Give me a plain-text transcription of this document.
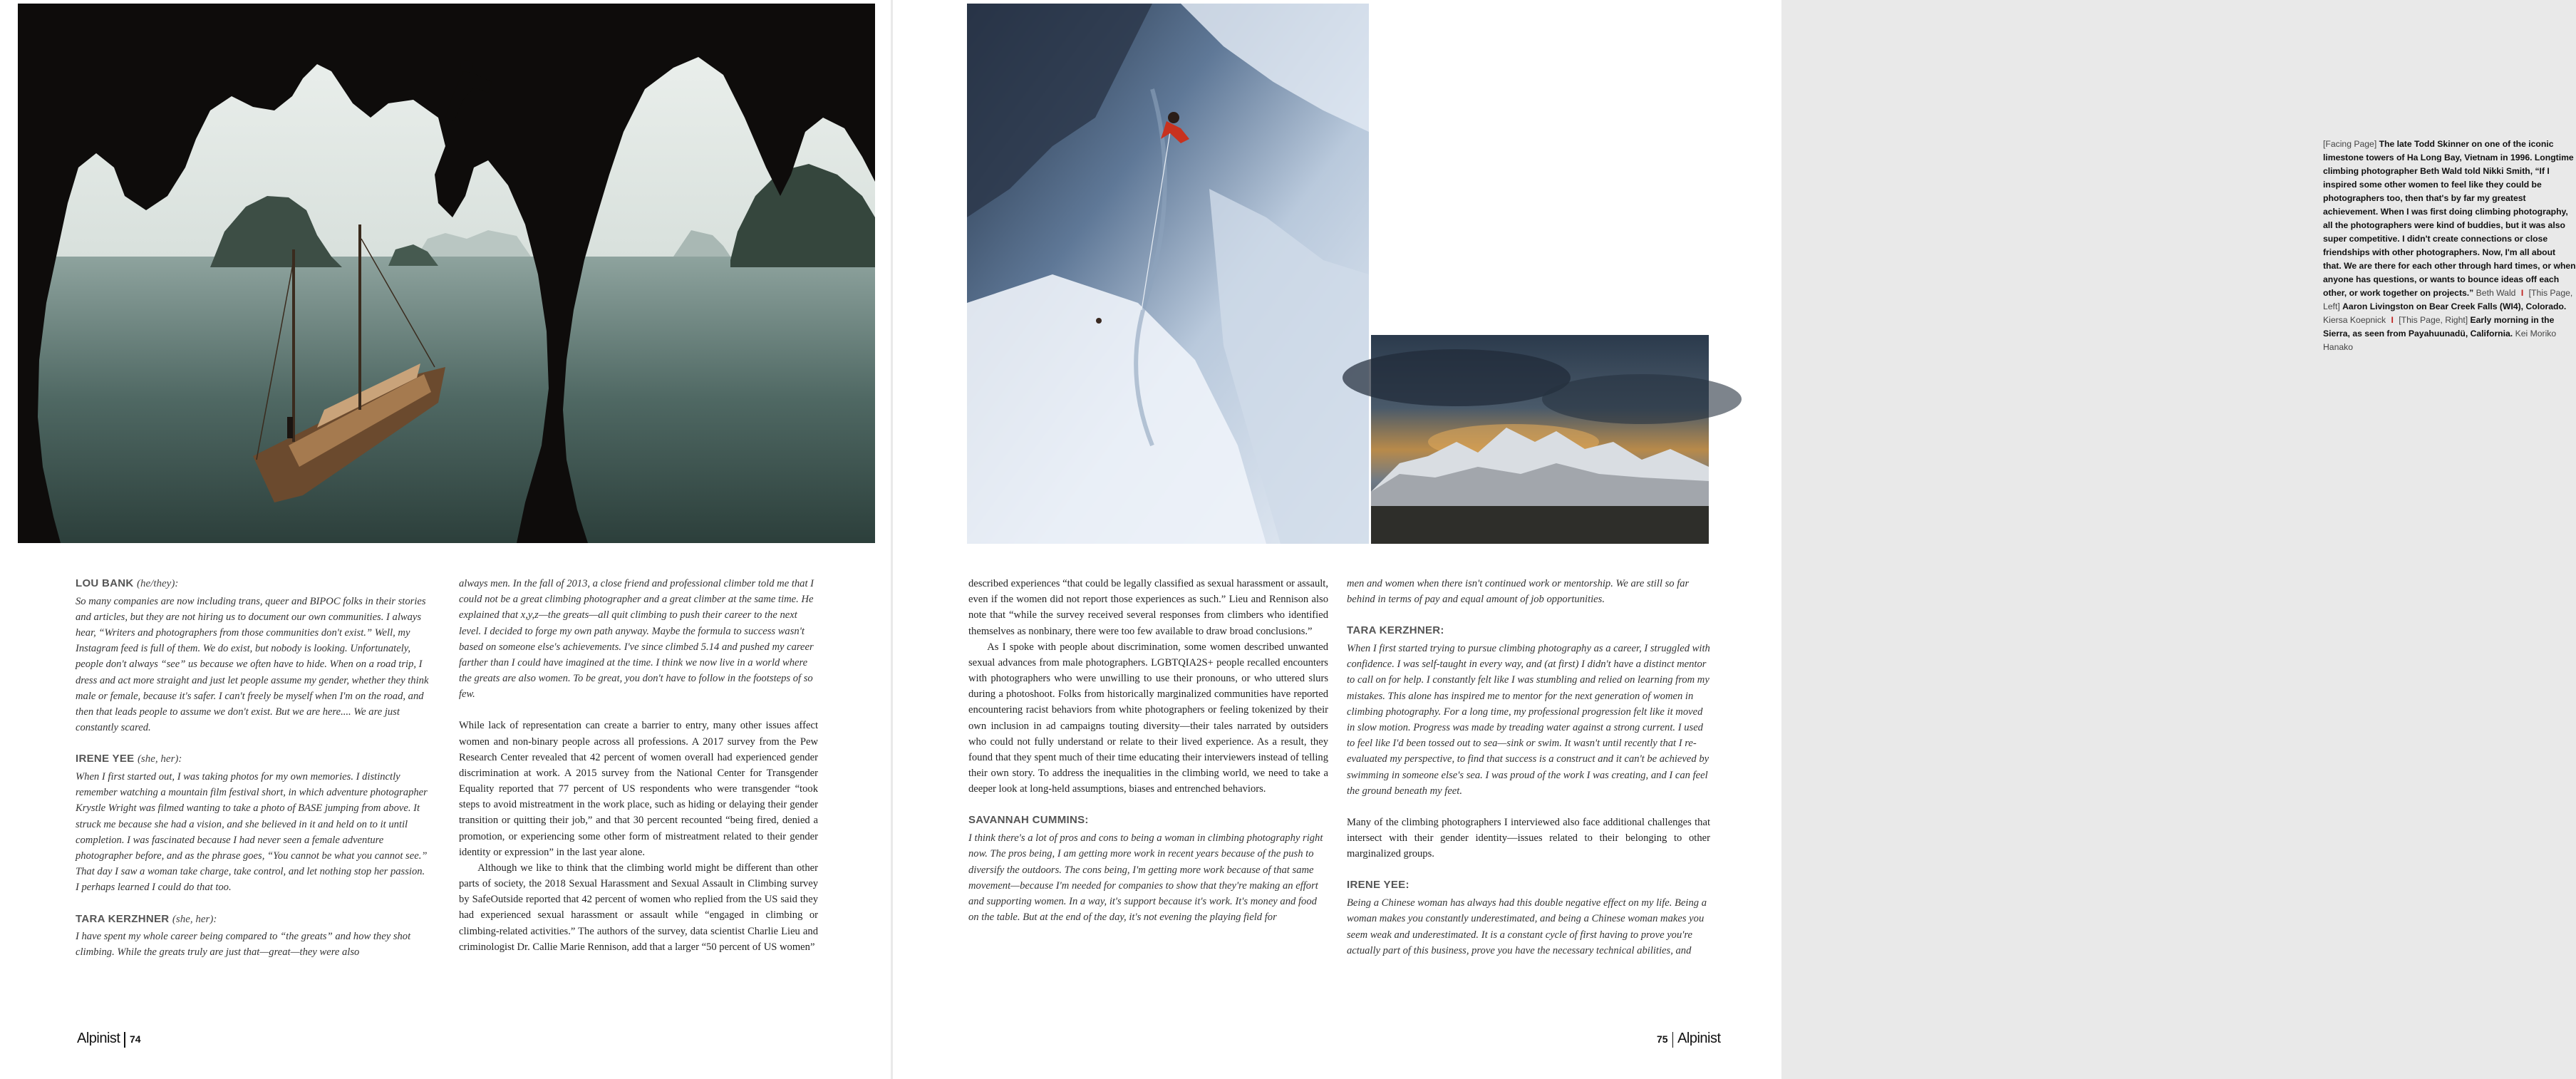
LOU BANK (he/they):

So many companies are now including trans, queer and BIPOC folks in their stories and articles, but they are not hiring us to document our own communities. I always hear, “Writers and photographers from those communities don't exist.” Well, my Instagram feed is full of them. We do exist, but nobody is looking. Unfortunately, people don't always “see” us because we often have to hide. When on a road trip, I dress and act more straight and just let people assume my gender, whether they think male or female, because it's safer. I can't freely be myself when I'm on the road, and then that leads people to assume we don't exist. But we are here.... We are just constantly scared.

IRENE YEE (she, her):

When I first started out, I was taking photos for my own memories. I distinctly remember watching a mountain film festival short, in which adventure photographer Krystle Wright was filmed wanting to take a photo of BASE jumping from above. It struck me because she had a vision, and she believed in it and held on to it until completion. I was fascinated because I had never seen a female adventure photographer before, and as the phrase goes, “You cannot be what you cannot see.” That day I saw a woman take charge, take control, and let nothing stop her passion. I perhaps learned I could do that too.

TARA KERZHNER (she, her):

I have spent my whole career being compared to “the greats” and how they shot climbing. While the greats truly are just that—great—they were also

always men. In the fall of 2013, a close friend and professional climber told me that I could not be a great climbing photographer and a great climber at the same time. He explained that x,y,z—the greats—all quit climbing to push their career to the next level. I decided to forge my own path anyway. Maybe the formula to success wasn't based on someone else's achievements. I've since climbed 5.14 and pushed my career farther than I could have imagined at the time. I think we now live in a world where the greats are also women. To be great, you don't have to follow in the footsteps of so few.

While lack of representation can create a barrier to entry, many other issues affect women and non-binary people across all professions. A 2017 survey from the Pew Research Center revealed that 42 percent of women overall had experienced gender discrimination at work. A 2015 survey from the National Center for Transgender Equality reported that 77 percent of US respondents who were transgender “took steps to avoid mistreatment in the work place, such as hiding or delaying their gender transition or quitting their job,” and that 30 percent recounted “being fired, denied a promotion, or experiencing some other form of mistreatment related to their gender identity or expression” in the last year alone.

Although we like to think that the climbing world might be different than other parts of society, the 2018 Sexual Harassment and Sexual Assault in Climbing survey by SafeOutside reported that 42 percent of women who replied from the US said they had experienced sexual harassment or assault while “engaged in climbing or climbing-related activities.” The authors of the survey, data scientist Charlie Lieu and criminologist Dr. Callie Marie Rennison, add that a larger “50 percent of US women”

Alpinist 74
[Facing Page] The late Todd Skinner on one of the iconic limestone towers of Ha Long Bay, Vietnam in 1996. Longtime climbing photographer Beth Wald told Nikki Smith, “If I inspired some other women to feel like they could be photographers too, then that's by far my greatest achievement. When I was first doing climbing photography, all the photographers were kind of buddies, but it was also super competitive. I didn't create connections or close friendships with other photographers. Now, I'm all about that. We are there for each other through hard times, or when anyone has questions, or wants to bounce ideas off each other, or work together on projects.” Beth Wald I [This Page, Left] Aaron Livingston on Bear Creek Falls (WI4), Colorado. Kiersa Koepnick I [This Page, Right] Early morning in the Sierra, as seen from Payahuunadü, California. Kei Moriko Hanako

described experiences “that could be legally classified as sexual harassment or assault, even if the women did not report those experiences as such.” Lieu and Rennison also note that “while the survey received several responses from climbers who identified themselves as nonbinary, there were too few available to draw broad conclusions.”

As I spoke with people about discrimination, some women described unwanted sexual advances from male photographers. LGBTQIA2S+ people recalled encounters with photographers who were unwilling to use their pronouns, or who uttered slurs during a photoshoot. Folks from historically marginalized communities have reported encountering racist behaviors from white photographers or feeling tokenized by their own inclusion in ad campaigns touting diversity—their tales narrated by outsiders who could not fully understand or relate to their lived experience. As a result, they found that they spent much of their time educating their interviewers instead of telling their own story. To address the inequalities in the climbing world, we need to take a deeper look at long-held assumptions, biases and entrenched behaviors.

SAVANNAH CUMMINS:

I think there's a lot of pros and cons to being a woman in climbing photography right now. The pros being, I am getting more work in recent years because of the push to diversify the outdoors. The cons being, I'm getting more work because of that same movement—because I'm needed for companies to show that they're making an effort and supporting women. In a way, it's support because it's work. It's money and food on the table. But at the end of the day, it's not evening the playing field for

men and women when there isn't continued work or mentorship. We are still so far behind in terms of pay and equal amount of job opportunities.

TARA KERZHNER:

When I first started trying to pursue climbing photography as a career, I struggled with confidence. I was self-taught in every way, and (at first) I didn't have a distinct mentor to call on for help. I constantly felt like I was stumbling and relied on learning from my mistakes. This alone has inspired me to mentor for the next generation of women in climbing photography. For a long time, my professional progression felt like it moved in slow motion. Progress was made by treading water against a strong current. I used to feel like I'd been tossed out to sea—sink or swim. It wasn't until recently that I re-evaluated my perspective, to find that success is a construct and it can't be achieved by swimming in someone else's sea. I was proud of the work I was creating, and I can feel the ground beneath my feet.

Many of the climbing photographers I interviewed also face additional challenges that intersect with their gender identity—issues related to their belonging to other marginalized groups.

IRENE YEE:

Being a Chinese woman has always had this double negative effect on my life. Being a woman makes you constantly underestimated, and being a Chinese woman makes you seem weak and underestimated. It is a constant cycle of first having to prove you're actually part of this business, prove you have the necessary technical abilities, and

75 Alpinist
